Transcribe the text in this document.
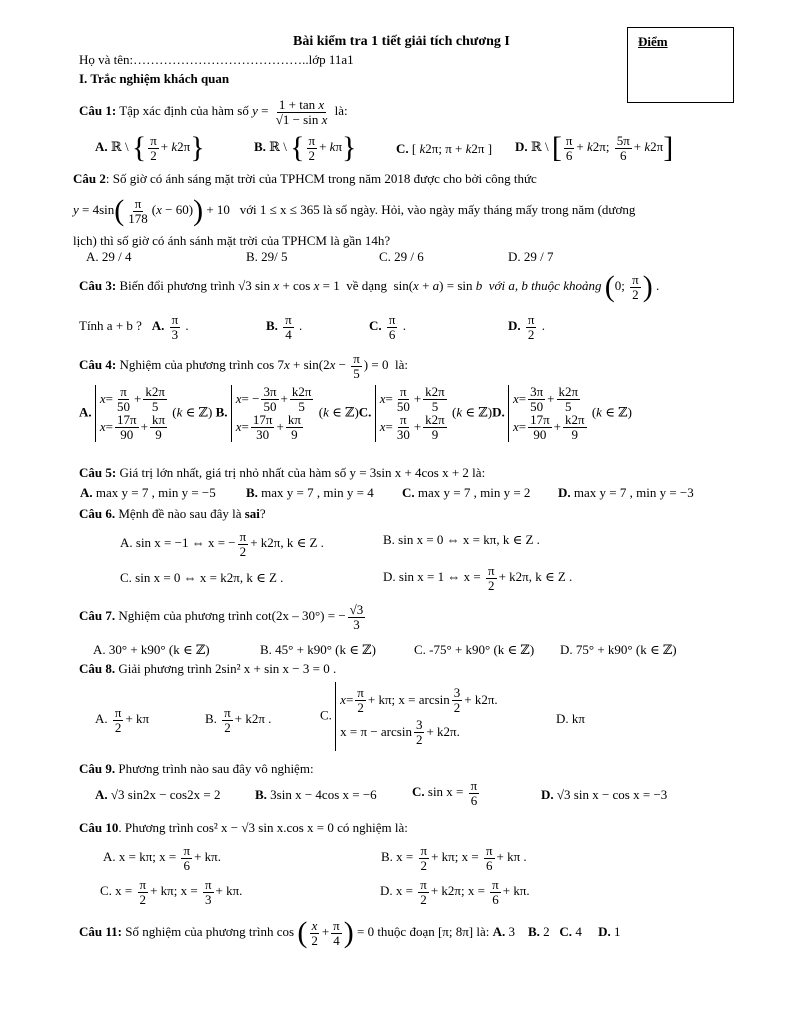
Bài kiểm tra 1 tiết giải tích chương I
Họ và tên:…………………………………..lớp 11a1
Điểm
I. Trắc nghiệm khách quan
Câu 1: Tập xác định của hàm số $y = \frac{\text{1 + tan x}}{\text{√1 − sin x}}$ là:
A. ℝ \ { $\frac{\pi}{2} + k2\pi$}	B. ℝ \ { $\frac{\pi}{2} + k\pi$}	C. [ k2π; π + k2π ] D. ℝ \ [ $\frac{\pi}{6} + k2\pi$; $\frac{5\pi}{6} + k2\pi$]
Câu 2: Số giờ có ánh sáng mặt trời của TPHCM trong năm 2018 được cho bởi công thức
$y = 4\sin( \frac{\pi}{178} (x - 60)) + 10$   với 1 ≤ x ≤ 365 là số ngày. Hỏi, vào ngày mấy tháng mấy trong năm (dương
lịch) thì số giờ có ánh sánh mặt trời của TPHCM là gần 14h?
A. 29 / 4	B. 29/ 5	C. 29 / 6	D. 29 / 7
Câu 3: Biến đổi phương trình √3 sin x + cos x = 1  về dạng  sin(x + a) = sin b với a, b thuộc khoảng (0; $\frac{\pi}{2}$ ) .
Tính a + b ? A. $\frac{\pi}{3}$ .	B. $\frac{\pi}{4}$ .	C. $\frac{\pi}{6}$ .	D. $\frac{\pi}{2}$ .
Câu 4: Nghiệm của phương trình $\cos 7x + \sin(2x - \frac{\pi}{5}$ ) = 0  là:
A.
$x = \frac{\pi}{50} + \frac{k2\pi}{5}$
$x = \frac{17\pi}{90} + \frac{k\pi}{9}$
(k ∈ ℤ) B.
x = − $\frac{3\pi}{50} + \frac{k2\pi}{5}$
$x = \frac{17\pi}{30} + \frac{k\pi}{9}$
(k ∈ ℤ)C.
$x = \frac{\pi}{50} + \frac{k2\pi}{5}$
$x = \frac{\pi}{30} + \frac{k2\pi}{9}$
(k ∈ ℤ)D.
$x = \frac{3\pi}{50} + \frac{k2\pi}{5}$
$x = \frac{17\pi}{90} + \frac{k2\pi}{9}$
(k ∈ ℤ)
Câu 5: Giá trị lớn nhất, giá trị nhỏ nhất của hàm số y = 3sin x + 4cos x + 2 là:
A. max y = 7 , min y = −5 B. max y = 7 , min y = 4 C. max y = 7 , min y = 2 D. max y = 7 , min y = −3
Câu 6. Mệnh đề nào sau đây là sai?
A. sin x = −1 ⇔ x = − $\frac{\pi}{2} + k2\pi$, k ∈ Z .	B. sin x = 0 ⇔ x = kπ, k ∈ Z .
C. sin x = 0 ⇔ x = k2π, k ∈ Z .	D. sin x = 1 ⇔ $x = \frac{\pi}{2} + k2\pi$, k ∈ Z .
Câu 7. Nghiệm của phương trình cot(2x – 30°) = − $\frac{√3}{3}$
A. 30° + k90° (k ∈ ℤ)	B. 45° + k90° (k ∈ ℤ)	C. -75° + k90° (k ∈ ℤ) D. 75° + k90° (k ∈ ℤ)
Câu 8. Giải phương trình 2sin² x + sin x − 3 = 0 .
A. $\frac{\pi}{2} + k\pi$	B. $\frac{\pi}{2} + k2\pi$ .	C.
$x = \frac{\pi}{2} + k\pi$; $x = \arcsin \frac{3}{2} + k2\pi$.
$x = \pi - \arcsin \frac{3}{2} + k2\pi$.
D. kπ
Câu 9. Phương trình nào sau đây vô nghiệm:
A. √3 sin2x − cos2x = 2	B. 3sin x − 4cos x = −6	C. $\sin x = \frac{\pi}{6}$	D. √3 sin x − cos x = −3
Câu 10. Phương trình cos² x − √3 sin x.cos x = 0 có nghiệm là:
A. x = kπ; $x = \frac{\pi}{6} + k\pi$.	B. $x = \frac{\pi}{2} + k\pi$; $x = \frac{\pi}{6} + k\pi$ .
C. $x = \frac{\pi}{2} + k\pi$; $x = \frac{\pi}{3} + k\pi$.	D. $x = \frac{\pi}{2} + k2\pi$; $x = \frac{\pi}{6} + k\pi$.
Câu 11: Số nghiệm của phương trình cos ( $\frac{x}{2} + \frac{\pi}{4}$ ) = 0 thuộc đoạn [π; 8π] là: A. 3 B. 2 C. 4 D. 1
